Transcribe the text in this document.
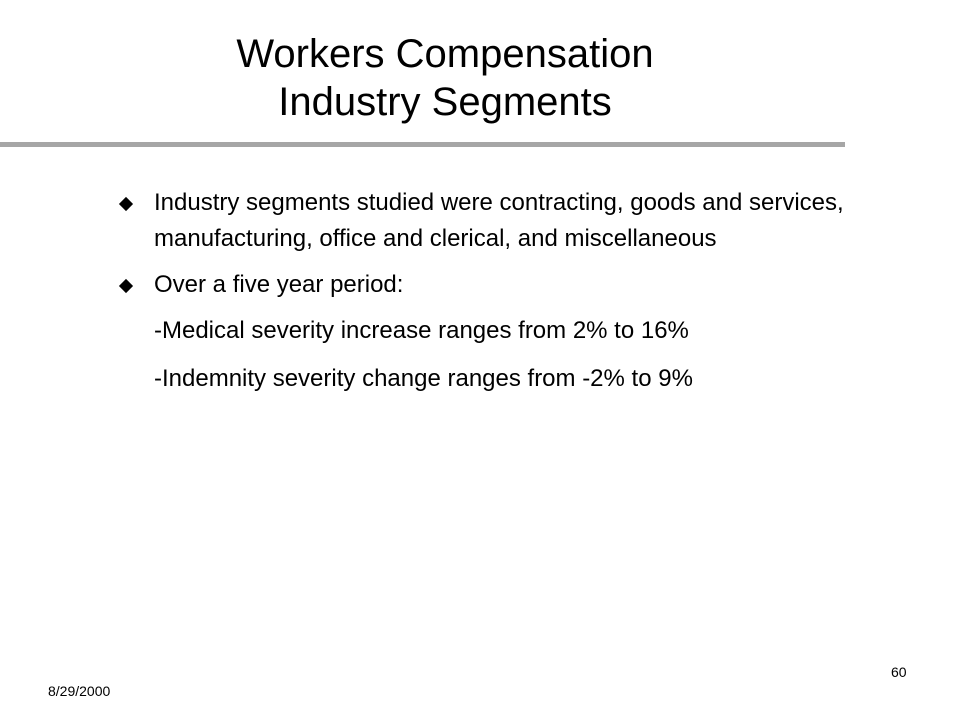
Workers Compensation
Industry Segments
Industry segments studied were contracting, goods and services, manufacturing, office and clerical, and miscellaneous
Over a five year period:
-Medical severity increase ranges from 2% to 16%
-Indemnity severity change ranges from -2% to 9%
8/29/2000
60
